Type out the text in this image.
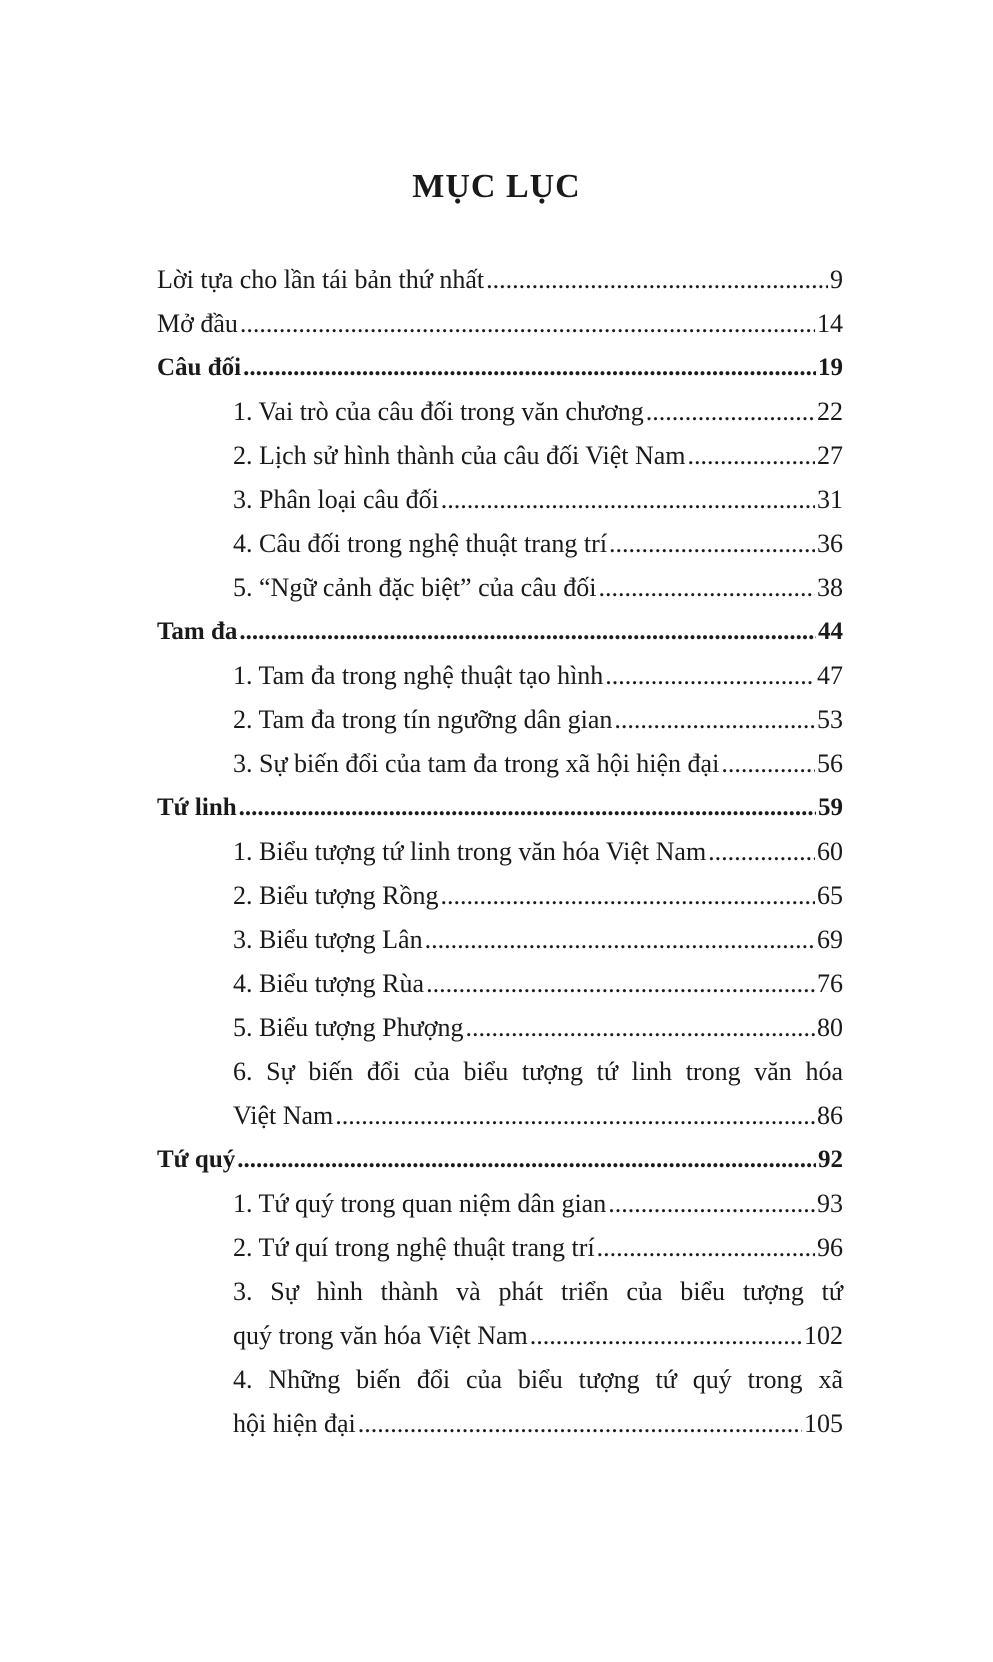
MỤC LỤC
Lời tựa cho lần tái bản thứ nhất .....	9
Mở đầu .....	14
Câu đối .....	19
1. Vai trò của câu đối trong văn chương .....	22
2. Lịch sử hình thành của câu đối Việt Nam .....	27
3. Phân loại câu đối .....	31
4. Câu đối trong nghệ thuật trang trí .....	36
5. “Ngữ cảnh đặc biệt” của câu đối .....	38
Tam đa .....	44
1. Tam đa trong nghệ thuật tạo hình .....	47
2. Tam đa trong tín ngưỡng dân gian .....	53
3. Sự biến đổi của tam đa trong xã hội hiện đại .....	56
Tứ linh .....	59
1. Biểu tượng tứ linh trong văn hóa Việt Nam .....	60
2. Biểu tượng Rồng .....	65
3. Biểu tượng Lân .....	69
4. Biểu tượng Rùa .....	76
5. Biểu tượng Phượng .....	80
6. Sự biến đổi của biểu tượng tứ linh trong văn hóa
Việt Nam .....	86
Tứ quý .....	92
1. Tứ quý trong quan niệm dân gian .....	93
2. Tứ quí trong nghệ thuật trang trí .....	96
3. Sự hình thành và phát triển của biểu tượng tứ
quý trong văn hóa Việt Nam .....	102
4. Những biến đổi của biểu tượng tứ quý trong xã
hội hiện đại .....	105
